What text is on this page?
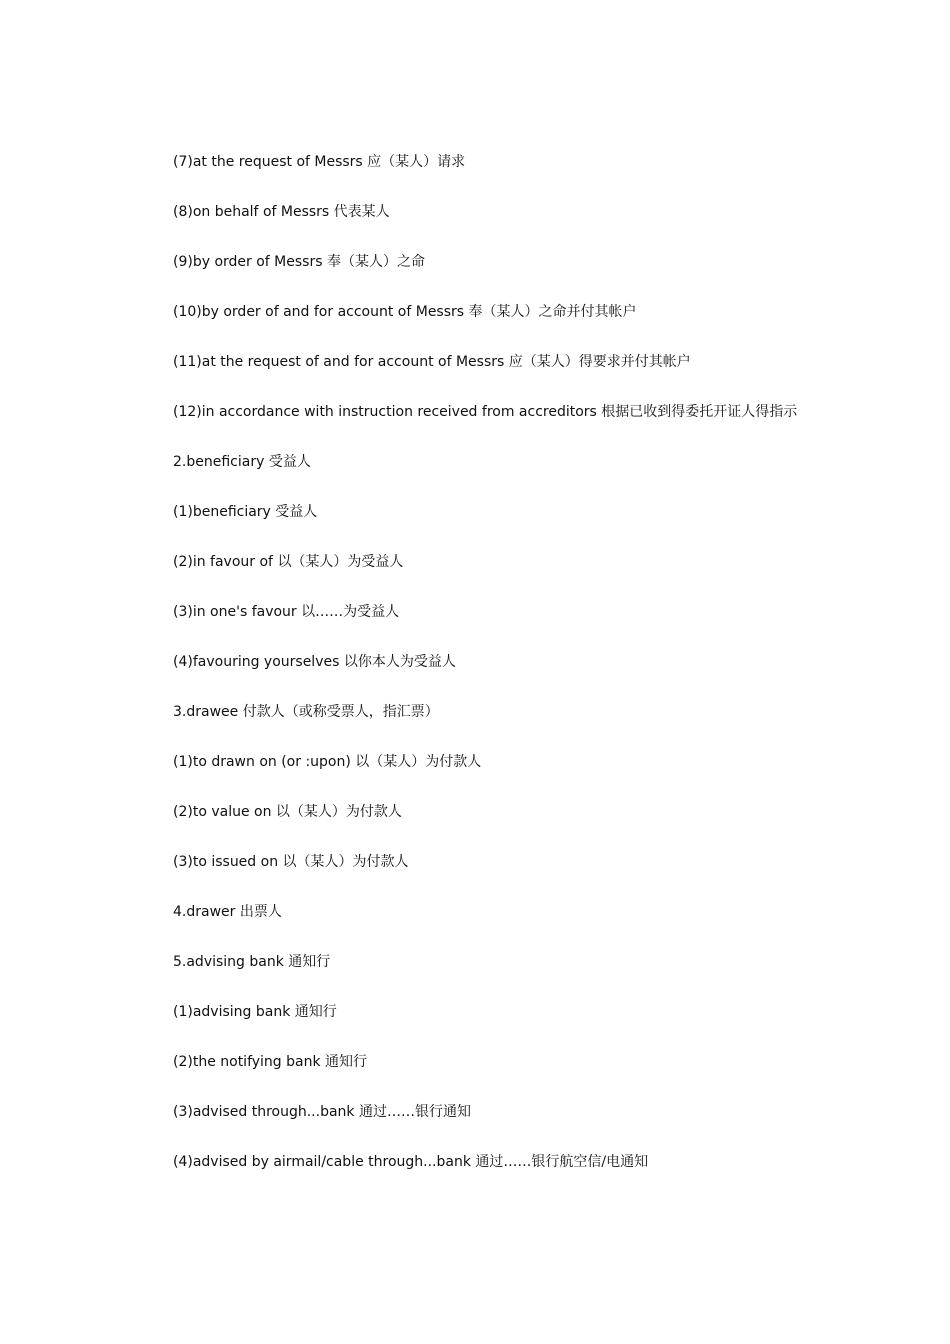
(7)at the request of Messrs 应（某人）请求

(8)on behalf of Messrs 代表某人

(9)by order of Messrs 奉（某人）之命

(10)by order of and for account of Messrs 奉（某人）之命并付其帐户

(11)at the request of and for account of Messrs 应（某人）得要求并付其帐户

(12)in accordance with instruction received from accreditors 根据已收到得委托开证人得指示

2.beneficiary 受益人

(1)beneficiary 受益人

(2)in favour of 以（某人）为受益人

(3)in one's favour 以……为受益人

(4)favouring yourselves 以你本人为受益人

3.drawee 付款人（或称受票人，指汇票）

(1)to drawn on (or :upon) 以（某人）为付款人

(2)to value on 以（某人）为付款人

(3)to issued on 以（某人）为付款人

4.drawer 出票人

5.advising bank 通知行

(1)advising bank 通知行

(2)the notifying bank 通知行

(3)advised through...bank 通过……银行通知

(4)advised by airmail/cable through...bank 通过……银行航空信/电通知
